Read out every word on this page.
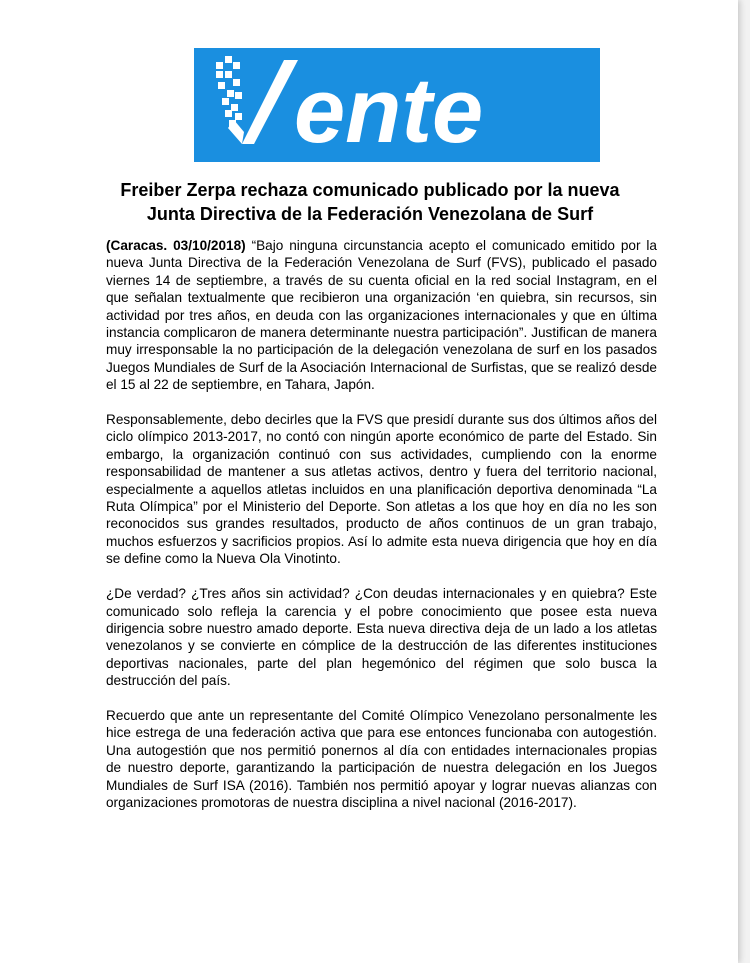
ente
Freiber Zerpa rechaza comunicado publicado por la nueva
Junta Directiva de la Federación Venezolana de Surf

(Caracas. 03/10/2018) “Bajo ninguna circunstancia acepto el comunicado emitido por la nueva Junta Directiva de la Federación Venezolana de Surf (FVS), publicado el pasado viernes 14 de septiembre, a través de su cuenta oficial en la red social Instagram, en el que señalan textualmente que recibieron una organización ‘en quiebra, sin recursos, sin actividad por tres años, en deuda con las organizaciones internacionales y que en última instancia complicaron de manera determinante nuestra participación”. Justifican de manera muy irresponsable la no participación de la delegación venezolana de surf en los pasados Juegos Mundiales de Surf de la Asociación Internacional de Surfistas, que se realizó desde el 15 al 22 de septiembre, en Tahara, Japón.

Responsablemente, debo decirles que la FVS que presidí durante sus dos últimos años del ciclo olímpico 2013-2017, no contó con ningún aporte económico de parte del Estado. Sin embargo, la organización continuó con sus actividades, cumpliendo con la enorme responsabilidad de mantener a sus atletas activos, dentro y fuera del territorio nacional, especialmente a aquellos atletas incluidos en una planificación deportiva denominada “La Ruta Olímpica” por el Ministerio del Deporte. Son atletas a los que hoy en día no les son reconocidos sus grandes resultados, producto de años continuos de un gran trabajo, muchos esfuerzos y sacrificios propios. Así lo admite esta nueva dirigencia que hoy en día se define como la Nueva Ola Vinotinto.

¿De verdad? ¿Tres años sin actividad? ¿Con deudas internacionales y en quiebra? Este comunicado solo refleja la carencia y el pobre conocimiento que posee esta nueva dirigencia sobre nuestro amado deporte. Esta nueva directiva deja de un lado a los atletas venezolanos y se convierte en cómplice de la destrucción de las diferentes instituciones deportivas nacionales, parte del plan hegemónico del régimen que solo busca la destrucción del país.

Recuerdo que ante un representante del Comité Olímpico Venezolano personalmente les hice estrega de una federación activa que para ese entonces funcionaba con autogestión. Una autogestión que nos permitió ponernos al día con entidades internacionales propias de nuestro deporte, garantizando la participación de nuestra delegación en los Juegos Mundiales de Surf ISA (2016). También nos permitió apoyar y lograr nuevas alianzas con organizaciones promotoras de nuestra disciplina a nivel nacional (2016-2017).
